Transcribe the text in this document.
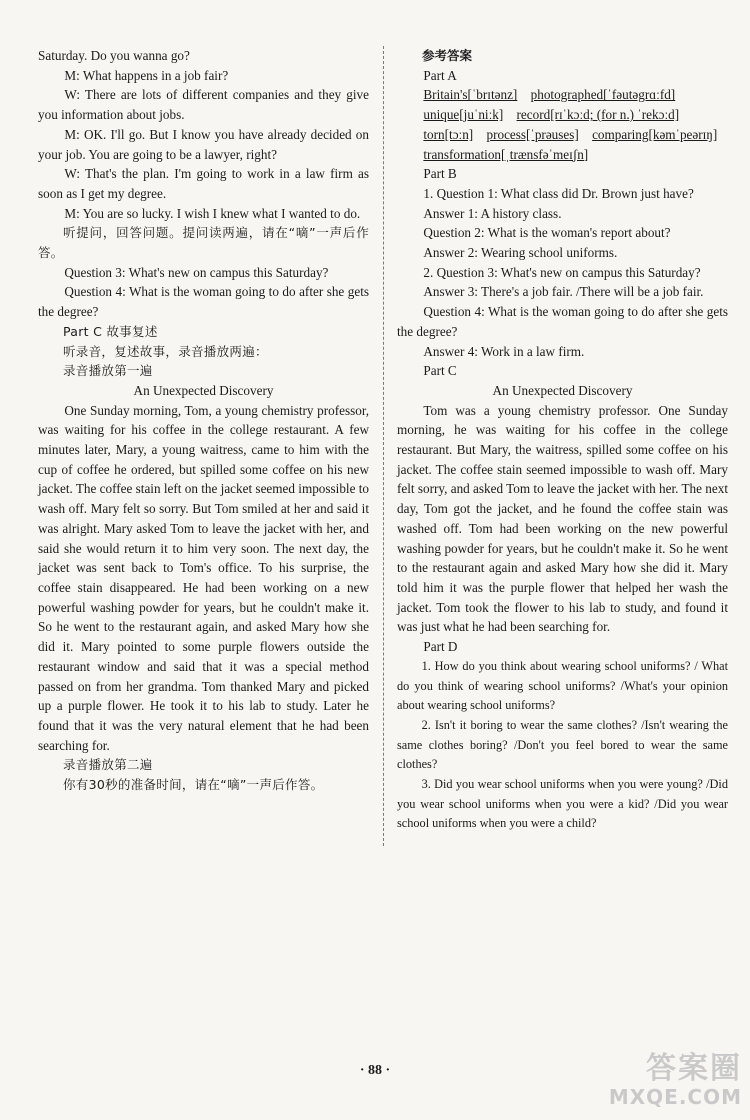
Saturday. Do you wanna go?

M: What happens in a job fair?

W: There are lots of different companies and they give you information about jobs.

M: OK. I'll go. But I know you have already decided on your job. You are going to be a lawyer, right?

W: That's the plan. I'm going to work in a law firm as soon as I get my degree.

M: You are so lucky. I wish I knew what I wanted to do.

听提问，回答问题。提问读两遍，请在“嘀”一声后作答。

Question 3: What's new on campus this Saturday?

Question 4: What is the woman going to do after she gets the degree?

Part C 故事复述

听录音，复述故事，录音播放两遍：

录音播放第一遍

An Unexpected Discovery

One Sunday morning, Tom, a young chemistry professor, was waiting for his coffee in the college restaurant. A few minutes later, Mary, a young waitress, came to him with the cup of coffee he ordered, but spilled some coffee on his new jacket. The coffee stain left on the jacket seemed impossible to wash off. Mary felt so sorry. But Tom smiled at her and said it was alright. Mary asked Tom to leave the jacket with her, and said she would return it to him very soon. The next day, the jacket was sent back to Tom's office. To his surprise, the coffee stain disappeared. He had been working on a new powerful washing powder for years, but he couldn't make it. So he went to the restaurant again, and asked Mary how she did it. Mary pointed to some purple flowers outside the restaurant window and said that it was a special method passed on from her grandma. Tom thanked Mary and picked up a purple flower. He took it to his lab to study. Later he found that it was the very natural element that he had been searching for.

录音播放第二遍

你有30秒的准备时间，请在“嘀”一声后作答。

参考答案

Part A

Britain's[ˈbrɪtənz] photographed[ˈfəutəgrɑːfd]
unique[juˈniːk] record[rɪˈkɔːd; (for n.) ˈrekɔːd]
torn[tɔːn] process[ˈprəuses] comparing[kəmˈpeərɪŋ]
transformation[ˌtrænsfəˈmeɪʃn]

Part B

1. Question 1: What class did Dr. Brown just have?

Answer 1: A history class.

Question 2: What is the woman's report about?

Answer 2: Wearing school uniforms.

2. Question 3: What's new on campus this Saturday?

Answer 3: There's a job fair. /There will be a job fair.

Question 4: What is the woman going to do after she gets the degree?

Answer 4: Work in a law firm.

Part C

An Unexpected Discovery

Tom was a young chemistry professor. One Sunday morning, he was waiting for his coffee in the college restaurant. But Mary, the waitress, spilled some coffee on his jacket. The coffee stain seemed impossible to wash off. Mary felt sorry, and asked Tom to leave the jacket with her. The next day, Tom got the jacket, and he found the coffee stain was washed off. Tom had been working on the new powerful washing powder for years, but he couldn't make it. So he went to the restaurant again and asked Mary how she did it. Mary told him it was the purple flower that helped her wash the jacket. Tom took the flower to his lab to study, and found it was just what he had been searching for.

Part D

1. How do you think about wearing school uniforms? / What do you think of wearing school uniforms? /What's your opinion about wearing school uniforms?

2. Isn't it boring to wear the same clothes? /Isn't wearing the same clothes boring? /Don't you feel bored to wear the same clothes?

3. Did you wear school uniforms when you were young? /Did you wear school uniforms when you were a kid? /Did you wear school uniforms when you were a child?

· 88 ·	答案圈
MXQE.COM
